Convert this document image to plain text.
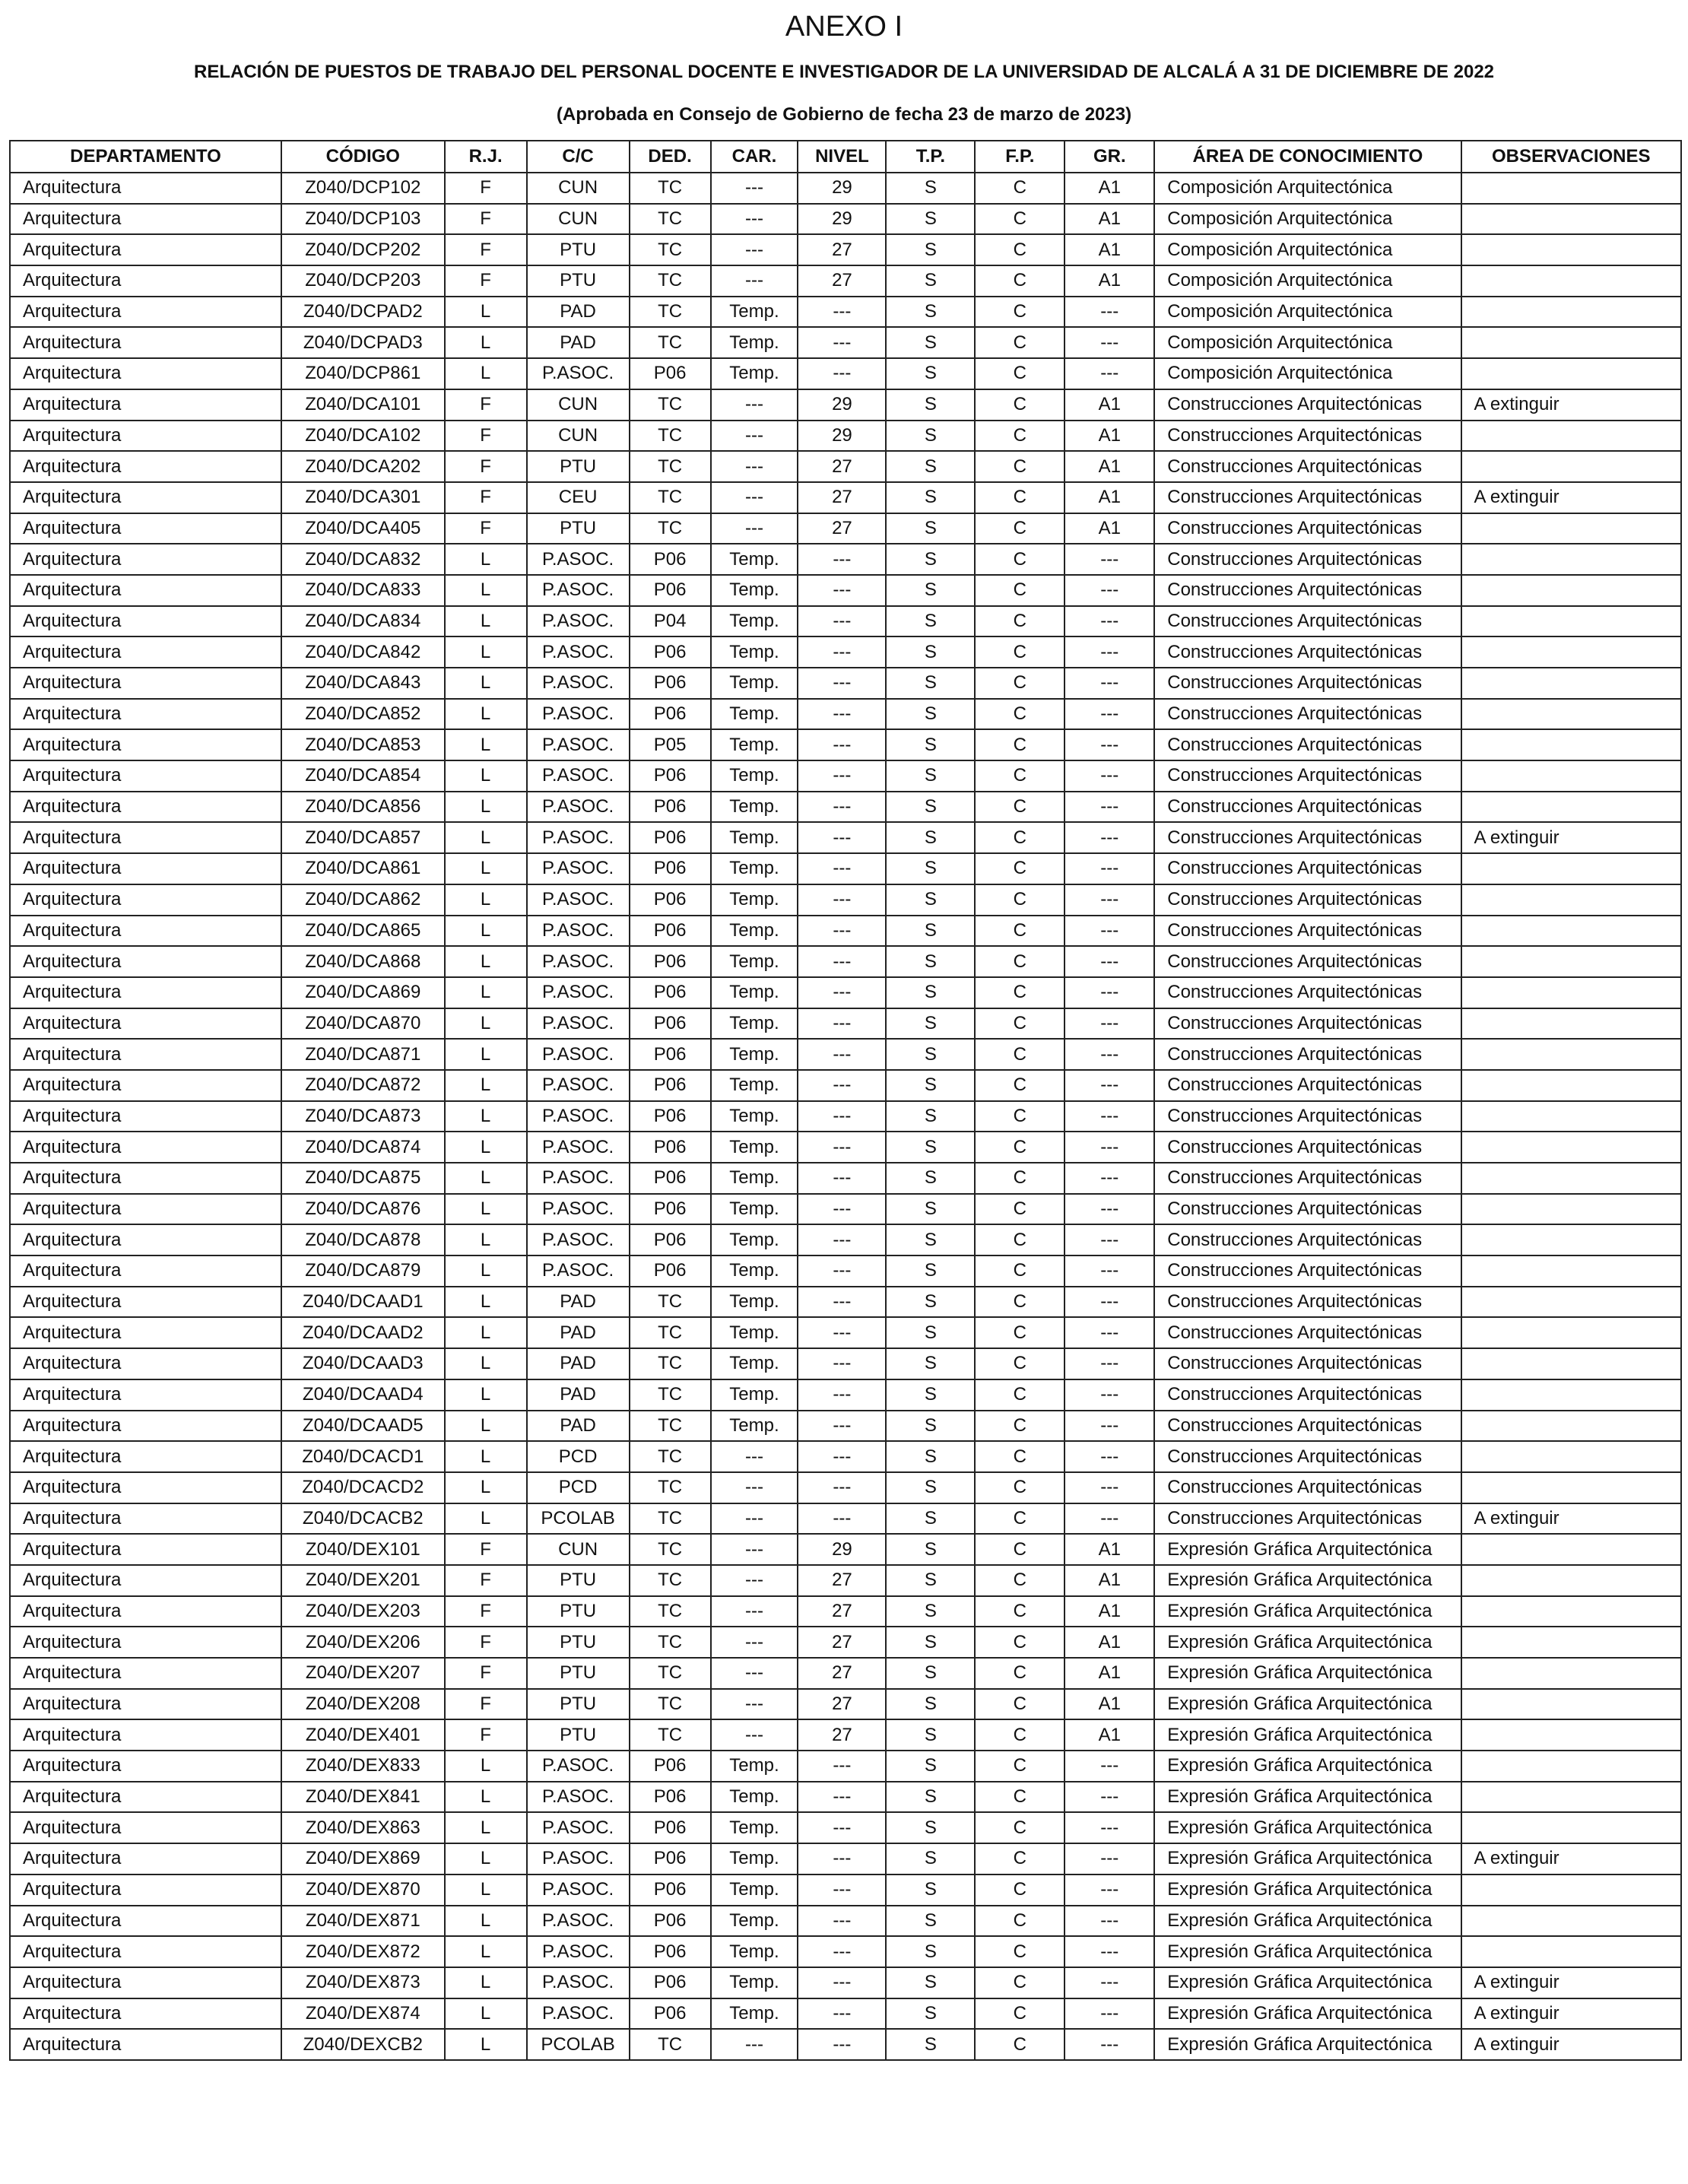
ANEXO I
RELACIÓN DE PUESTOS DE TRABAJO DEL PERSONAL DOCENTE E INVESTIGADOR DE LA UNIVERSIDAD DE ALCALÁ A 31 DE DICIEMBRE DE 2022
(Aprobada en Consejo de Gobierno de fecha 23 de marzo de 2023)
DEPARTAMENTO	CÓDIGO	R.J.	C/C	DED.	CAR.	NIVEL	T.P.	F.P.	GR.	ÁREA DE CONOCIMIENTO	OBSERVACIONES
Arquitectura	Z040/DCP102	F	CUN	TC	---	29	S	C	A1	Composición Arquitectónica	
Arquitectura	Z040/DCP103	F	CUN	TC	---	29	S	C	A1	Composición Arquitectónica	
Arquitectura	Z040/DCP202	F	PTU	TC	---	27	S	C	A1	Composición Arquitectónica	
Arquitectura	Z040/DCP203	F	PTU	TC	---	27	S	C	A1	Composición Arquitectónica	
Arquitectura	Z040/DCPAD2	L	PAD	TC	Temp.	---	S	C	---	Composición Arquitectónica	
Arquitectura	Z040/DCPAD3	L	PAD	TC	Temp.	---	S	C	---	Composición Arquitectónica	
Arquitectura	Z040/DCP861	L	P.ASOC.	P06	Temp.	---	S	C	---	Composición Arquitectónica	
Arquitectura	Z040/DCA101	F	CUN	TC	---	29	S	C	A1	Construcciones Arquitectónicas	A extinguir
Arquitectura	Z040/DCA102	F	CUN	TC	---	29	S	C	A1	Construcciones Arquitectónicas	
Arquitectura	Z040/DCA202	F	PTU	TC	---	27	S	C	A1	Construcciones Arquitectónicas	
Arquitectura	Z040/DCA301	F	CEU	TC	---	27	S	C	A1	Construcciones Arquitectónicas	A extinguir
Arquitectura	Z040/DCA405	F	PTU	TC	---	27	S	C	A1	Construcciones Arquitectónicas	
Arquitectura	Z040/DCA832	L	P.ASOC.	P06	Temp.	---	S	C	---	Construcciones Arquitectónicas	
Arquitectura	Z040/DCA833	L	P.ASOC.	P06	Temp.	---	S	C	---	Construcciones Arquitectónicas	
Arquitectura	Z040/DCA834	L	P.ASOC.	P04	Temp.	---	S	C	---	Construcciones Arquitectónicas	
Arquitectura	Z040/DCA842	L	P.ASOC.	P06	Temp.	---	S	C	---	Construcciones Arquitectónicas	
Arquitectura	Z040/DCA843	L	P.ASOC.	P06	Temp.	---	S	C	---	Construcciones Arquitectónicas	
Arquitectura	Z040/DCA852	L	P.ASOC.	P06	Temp.	---	S	C	---	Construcciones Arquitectónicas	
Arquitectura	Z040/DCA853	L	P.ASOC.	P05	Temp.	---	S	C	---	Construcciones Arquitectónicas	
Arquitectura	Z040/DCA854	L	P.ASOC.	P06	Temp.	---	S	C	---	Construcciones Arquitectónicas	
Arquitectura	Z040/DCA856	L	P.ASOC.	P06	Temp.	---	S	C	---	Construcciones Arquitectónicas	
Arquitectura	Z040/DCA857	L	P.ASOC.	P06	Temp.	---	S	C	---	Construcciones Arquitectónicas	A extinguir
Arquitectura	Z040/DCA861	L	P.ASOC.	P06	Temp.	---	S	C	---	Construcciones Arquitectónicas	
Arquitectura	Z040/DCA862	L	P.ASOC.	P06	Temp.	---	S	C	---	Construcciones Arquitectónicas	
Arquitectura	Z040/DCA865	L	P.ASOC.	P06	Temp.	---	S	C	---	Construcciones Arquitectónicas	
Arquitectura	Z040/DCA868	L	P.ASOC.	P06	Temp.	---	S	C	---	Construcciones Arquitectónicas	
Arquitectura	Z040/DCA869	L	P.ASOC.	P06	Temp.	---	S	C	---	Construcciones Arquitectónicas	
Arquitectura	Z040/DCA870	L	P.ASOC.	P06	Temp.	---	S	C	---	Construcciones Arquitectónicas	
Arquitectura	Z040/DCA871	L	P.ASOC.	P06	Temp.	---	S	C	---	Construcciones Arquitectónicas	
Arquitectura	Z040/DCA872	L	P.ASOC.	P06	Temp.	---	S	C	---	Construcciones Arquitectónicas	
Arquitectura	Z040/DCA873	L	P.ASOC.	P06	Temp.	---	S	C	---	Construcciones Arquitectónicas	
Arquitectura	Z040/DCA874	L	P.ASOC.	P06	Temp.	---	S	C	---	Construcciones Arquitectónicas	
Arquitectura	Z040/DCA875	L	P.ASOC.	P06	Temp.	---	S	C	---	Construcciones Arquitectónicas	
Arquitectura	Z040/DCA876	L	P.ASOC.	P06	Temp.	---	S	C	---	Construcciones Arquitectónicas	
Arquitectura	Z040/DCA878	L	P.ASOC.	P06	Temp.	---	S	C	---	Construcciones Arquitectónicas	
Arquitectura	Z040/DCA879	L	P.ASOC.	P06	Temp.	---	S	C	---	Construcciones Arquitectónicas	
Arquitectura	Z040/DCAAD1	L	PAD	TC	Temp.	---	S	C	---	Construcciones Arquitectónicas	
Arquitectura	Z040/DCAAD2	L	PAD	TC	Temp.	---	S	C	---	Construcciones Arquitectónicas	
Arquitectura	Z040/DCAAD3	L	PAD	TC	Temp.	---	S	C	---	Construcciones Arquitectónicas	
Arquitectura	Z040/DCAAD4	L	PAD	TC	Temp.	---	S	C	---	Construcciones Arquitectónicas	
Arquitectura	Z040/DCAAD5	L	PAD	TC	Temp.	---	S	C	---	Construcciones Arquitectónicas	
Arquitectura	Z040/DCACD1	L	PCD	TC	---	---	S	C	---	Construcciones Arquitectónicas	
Arquitectura	Z040/DCACD2	L	PCD	TC	---	---	S	C	---	Construcciones Arquitectónicas	
Arquitectura	Z040/DCACB2	L	PCOLAB	TC	---	---	S	C	---	Construcciones Arquitectónicas	A extinguir
Arquitectura	Z040/DEX101	F	CUN	TC	---	29	S	C	A1	Expresión Gráfica Arquitectónica	
Arquitectura	Z040/DEX201	F	PTU	TC	---	27	S	C	A1	Expresión Gráfica Arquitectónica	
Arquitectura	Z040/DEX203	F	PTU	TC	---	27	S	C	A1	Expresión Gráfica Arquitectónica	
Arquitectura	Z040/DEX206	F	PTU	TC	---	27	S	C	A1	Expresión Gráfica Arquitectónica	
Arquitectura	Z040/DEX207	F	PTU	TC	---	27	S	C	A1	Expresión Gráfica Arquitectónica	
Arquitectura	Z040/DEX208	F	PTU	TC	---	27	S	C	A1	Expresión Gráfica Arquitectónica	
Arquitectura	Z040/DEX401	F	PTU	TC	---	27	S	C	A1	Expresión Gráfica Arquitectónica	
Arquitectura	Z040/DEX833	L	P.ASOC.	P06	Temp.	---	S	C	---	Expresión Gráfica Arquitectónica	
Arquitectura	Z040/DEX841	L	P.ASOC.	P06	Temp.	---	S	C	---	Expresión Gráfica Arquitectónica	
Arquitectura	Z040/DEX863	L	P.ASOC.	P06	Temp.	---	S	C	---	Expresión Gráfica Arquitectónica	
Arquitectura	Z040/DEX869	L	P.ASOC.	P06	Temp.	---	S	C	---	Expresión Gráfica Arquitectónica	A extinguir
Arquitectura	Z040/DEX870	L	P.ASOC.	P06	Temp.	---	S	C	---	Expresión Gráfica Arquitectónica	
Arquitectura	Z040/DEX871	L	P.ASOC.	P06	Temp.	---	S	C	---	Expresión Gráfica Arquitectónica	
Arquitectura	Z040/DEX872	L	P.ASOC.	P06	Temp.	---	S	C	---	Expresión Gráfica Arquitectónica	
Arquitectura	Z040/DEX873	L	P.ASOC.	P06	Temp.	---	S	C	---	Expresión Gráfica Arquitectónica	A extinguir
Arquitectura	Z040/DEX874	L	P.ASOC.	P06	Temp.	---	S	C	---	Expresión Gráfica Arquitectónica	A extinguir
Arquitectura	Z040/DEXCB2	L	PCOLAB	TC	---	---	S	C	---	Expresión Gráfica Arquitectónica	A extinguir
